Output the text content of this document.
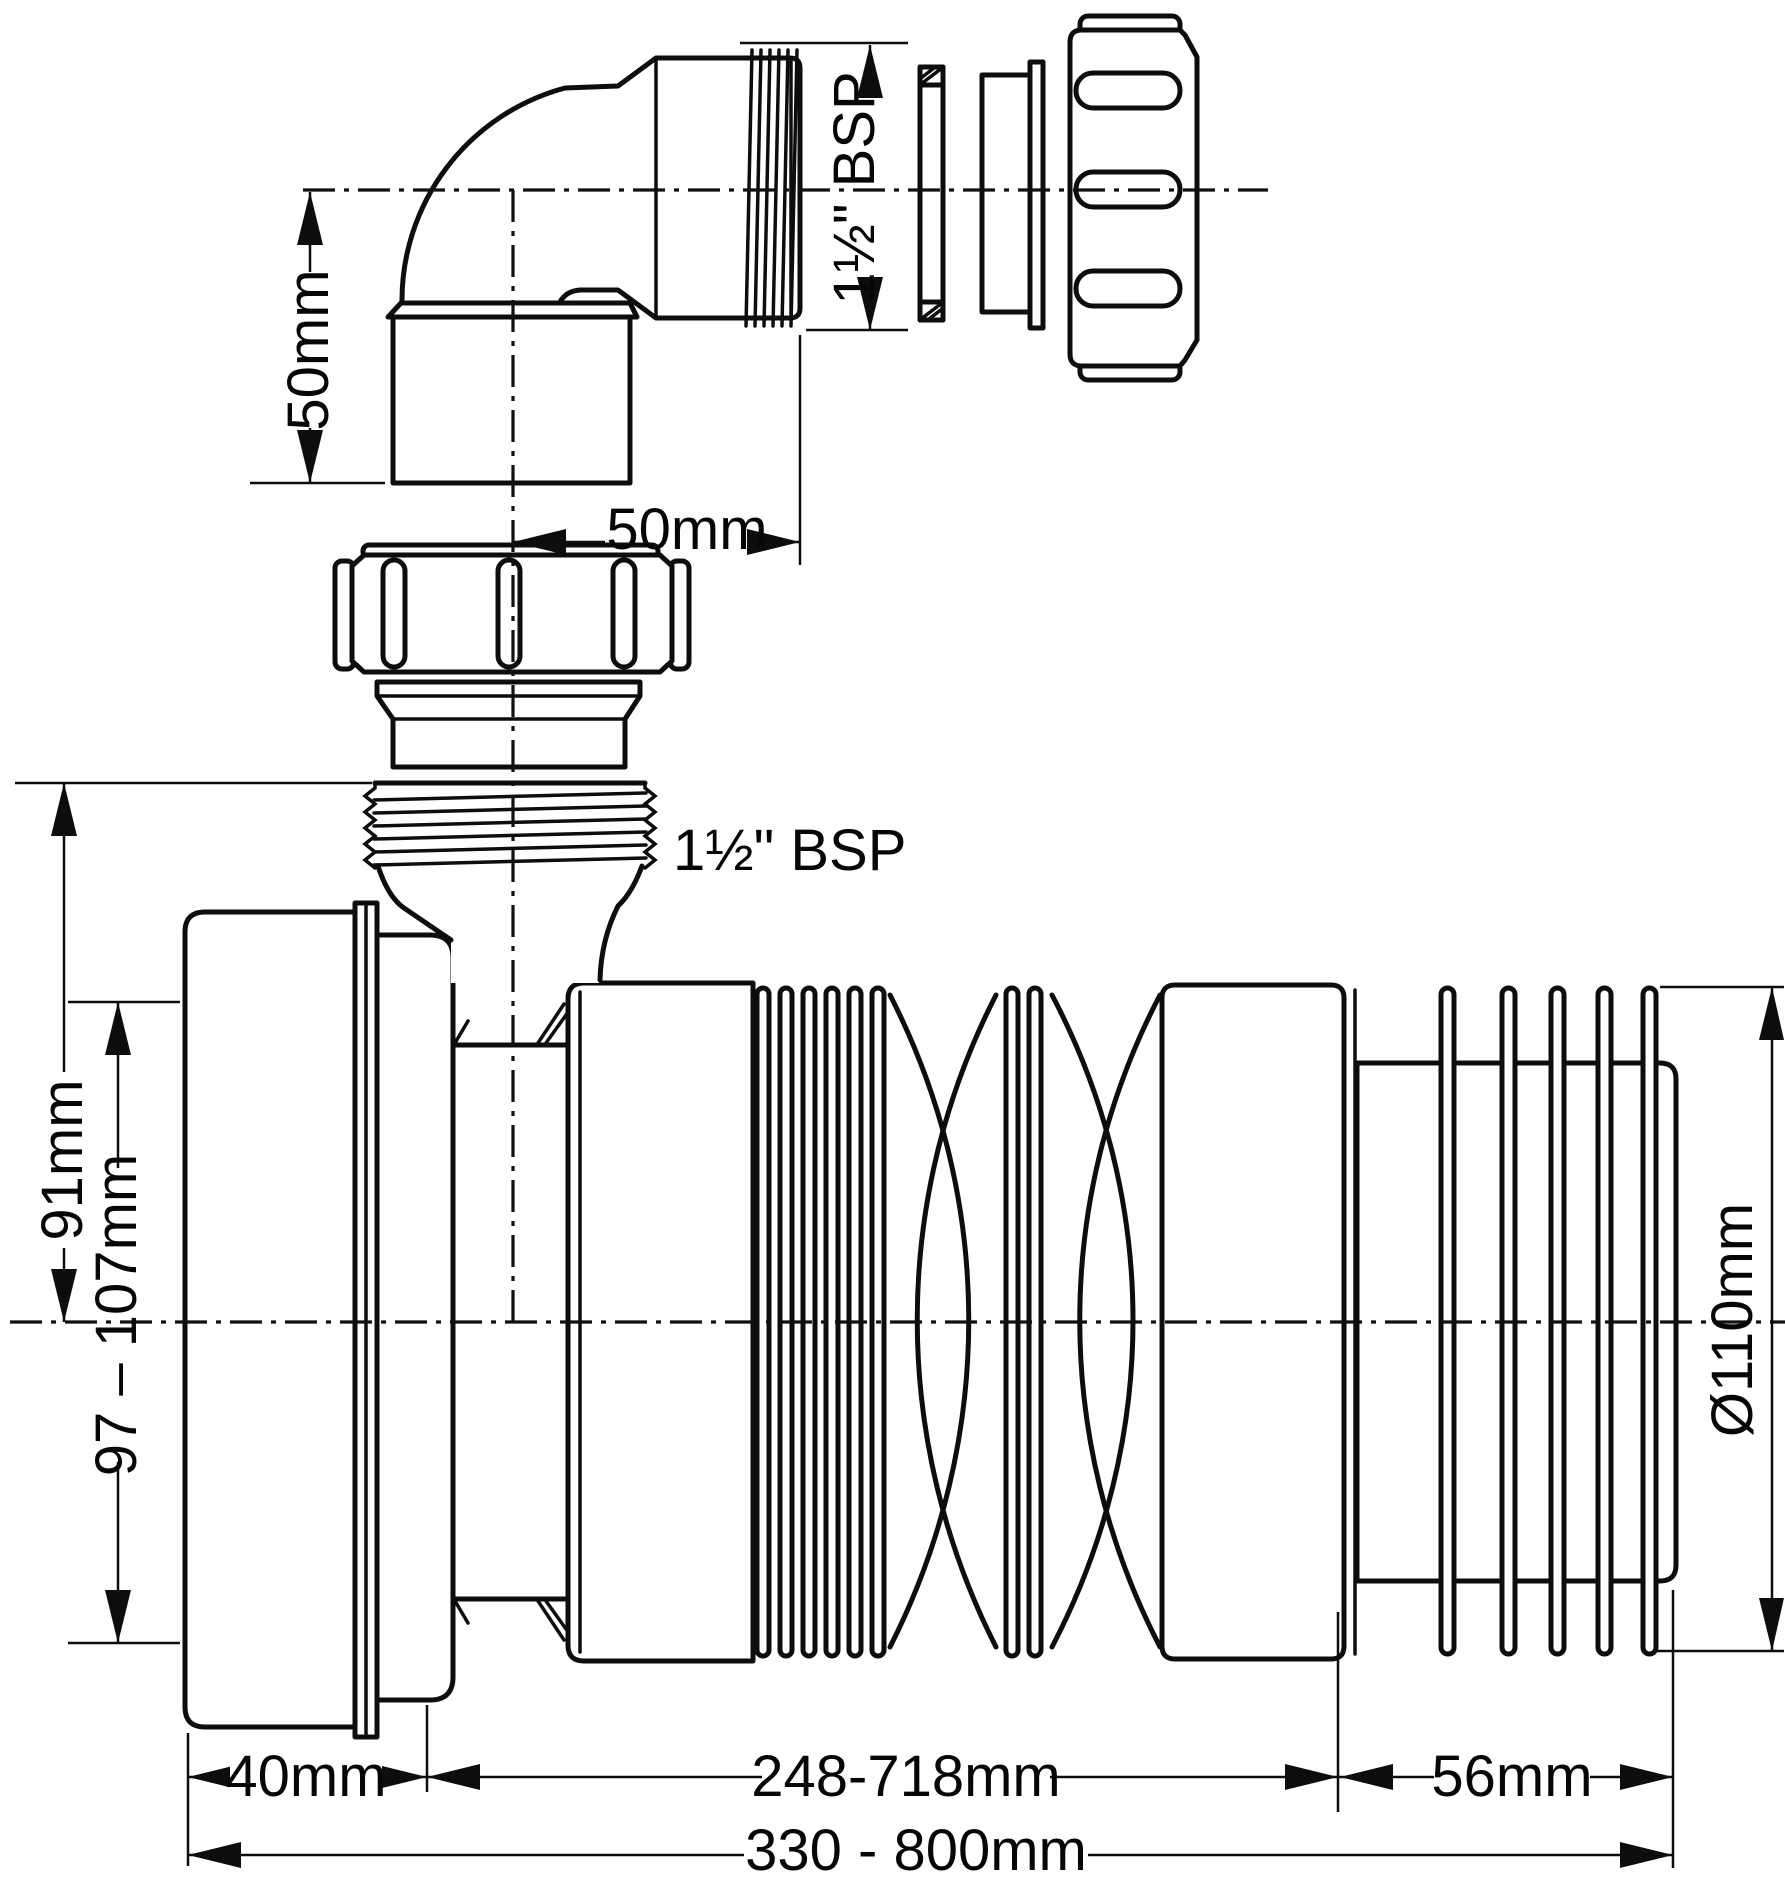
50mm
1½" BSP
50mm
1½" BSP
91mm
97 – 107mm	Ø110mm
40mm	248-718mm	56mm
330 - 800mm
